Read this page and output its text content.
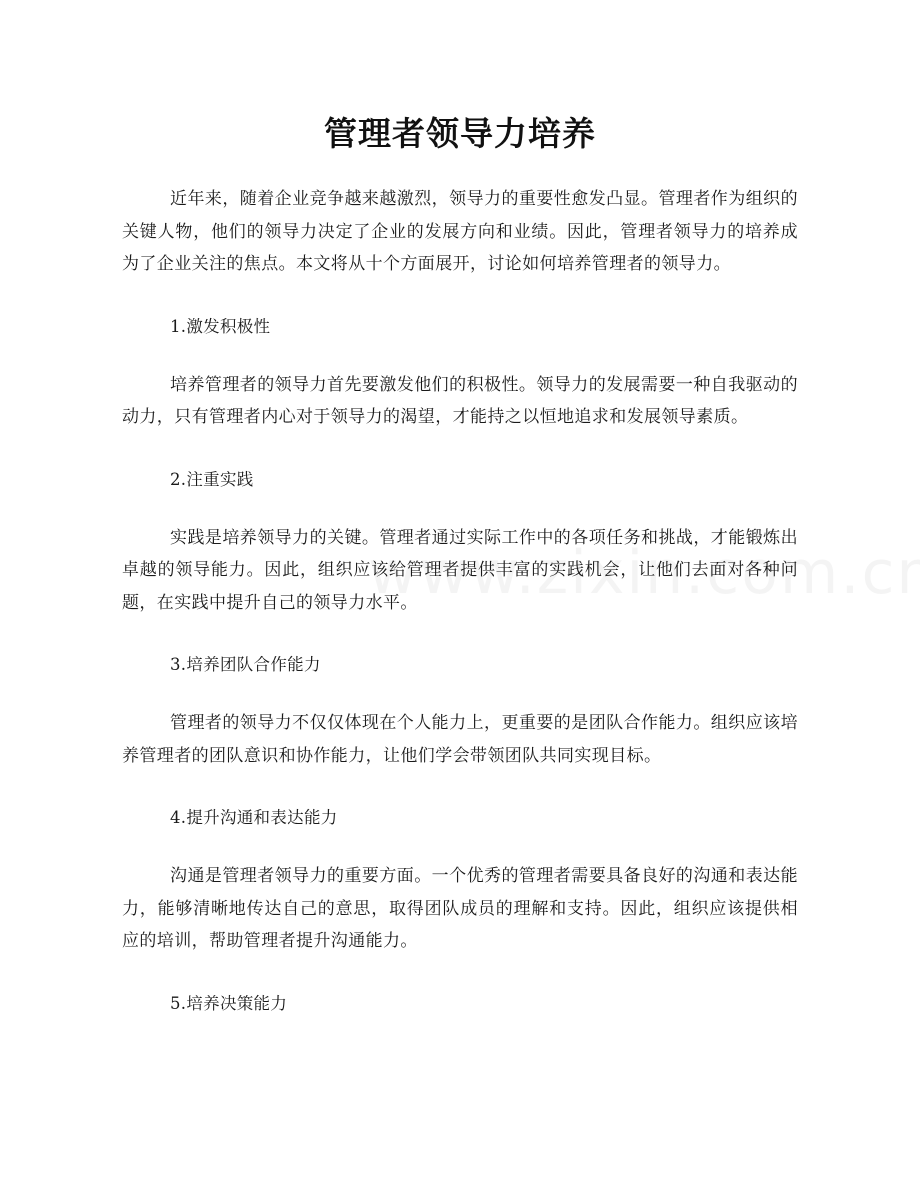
管理者领导力培养

近年来，随着企业竞争越来越激烈，领导力的重要性愈发凸显。管理者作为组织的关键人物，他们的领导力决定了企业的发展方向和业绩。因此，管理者领导力的培养成为了企业关注的焦点。本文将从十个方面展开，讨论如何培养管理者的领导力。

1.激发积极性

培养管理者的领导力首先要激发他们的积极性。领导力的发展需要一种自我驱动的动力，只有管理者内心对于领导力的渴望，才能持之以恒地追求和发展领导素质。

2.注重实践

实践是培养领导力的关键。管理者通过实际工作中的各项任务和挑战，才能锻炼出卓越的领导能力。因此，组织应该给管理者提供丰富的实践机会，让他们去面对各种问题，在实践中提升自己的领导力水平。

3.培养团队合作能力

管理者的领导力不仅仅体现在个人能力上，更重要的是团队合作能力。组织应该培养管理者的团队意识和协作能力，让他们学会带领团队共同实现目标。

4.提升沟通和表达能力

沟通是管理者领导力的重要方面。一个优秀的管理者需要具备良好的沟通和表达能力，能够清晰地传达自己的意思，取得团队成员的理解和支持。因此，组织应该提供相应的培训，帮助管理者提升沟通能力。

5.培养决策能力
